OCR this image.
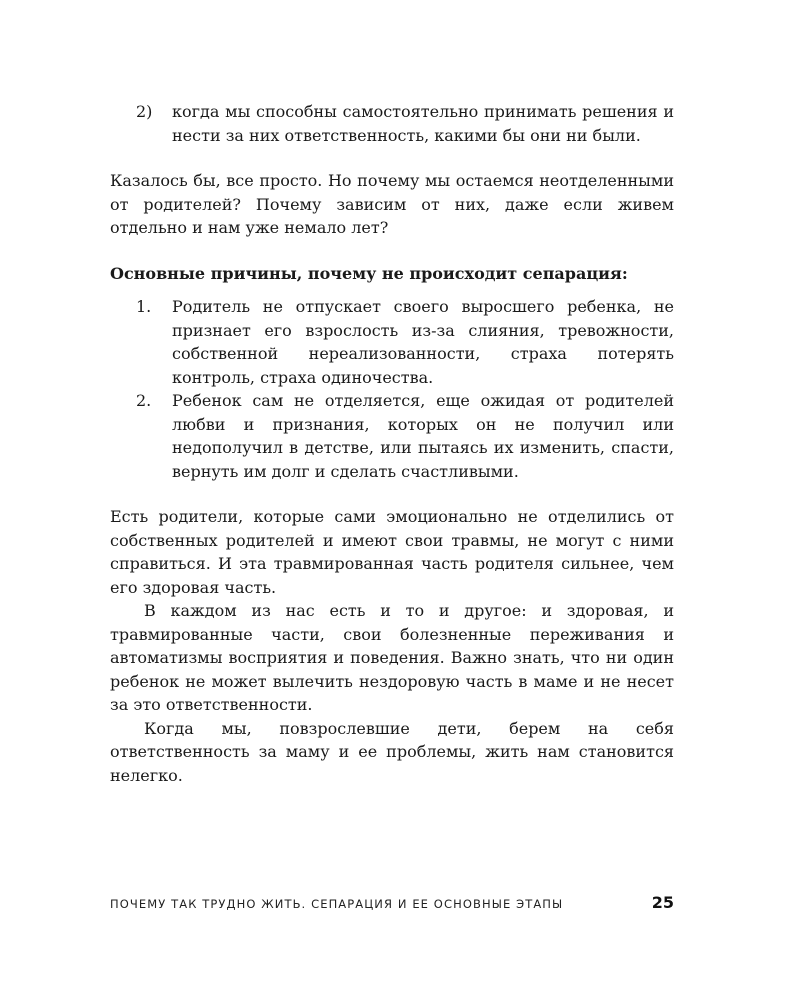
2)	когда мы способны самостоятельно принимать решения и нести за них ответственность, какими бы они ни были.

Казалось бы, все просто. Но почему мы остаемся неотделенными от родителей? Почему зависим от них, даже если живем отдельно и нам уже немало лет?

Основные причины, почему не происходит сепарация:

1.	Родитель не отпускает своего выросшего ребенка, не признает его взрослость из-за слияния, тревожности, собственной нереализованности, страха потерять контроль, страха одиночества.

2.	Ребенок сам не отделяется, еще ожидая от родителей любви и признания, которых он не получил или недополучил в детстве, или пытаясь их изменить, спасти, вернуть им долг и сделать счастливыми.

Есть родители, которые сами эмоционально не отделились от собственных родителей и имеют свои травмы, не могут с ними справиться. И эта травмированная часть родителя сильнее, чем его здоровая часть.

В каждом из нас есть и то и другое: и здоровая, и травмированные части, свои болезненные переживания и автоматизмы восприятия и поведения. Важно знать, что ни один ребенок не может вылечить нездоровую часть в маме и не несет за это ответственности.

Когда мы, повзрослевшие дети, берем на себя ответственность за маму и ее проблемы, жить нам становится нелегко.

ПОЧЕМУ ТАК ТРУДНО ЖИТЬ. СЕПАРАЦИЯ И ЕЕ ОСНОВНЫЕ ЭТАПЫ	25
